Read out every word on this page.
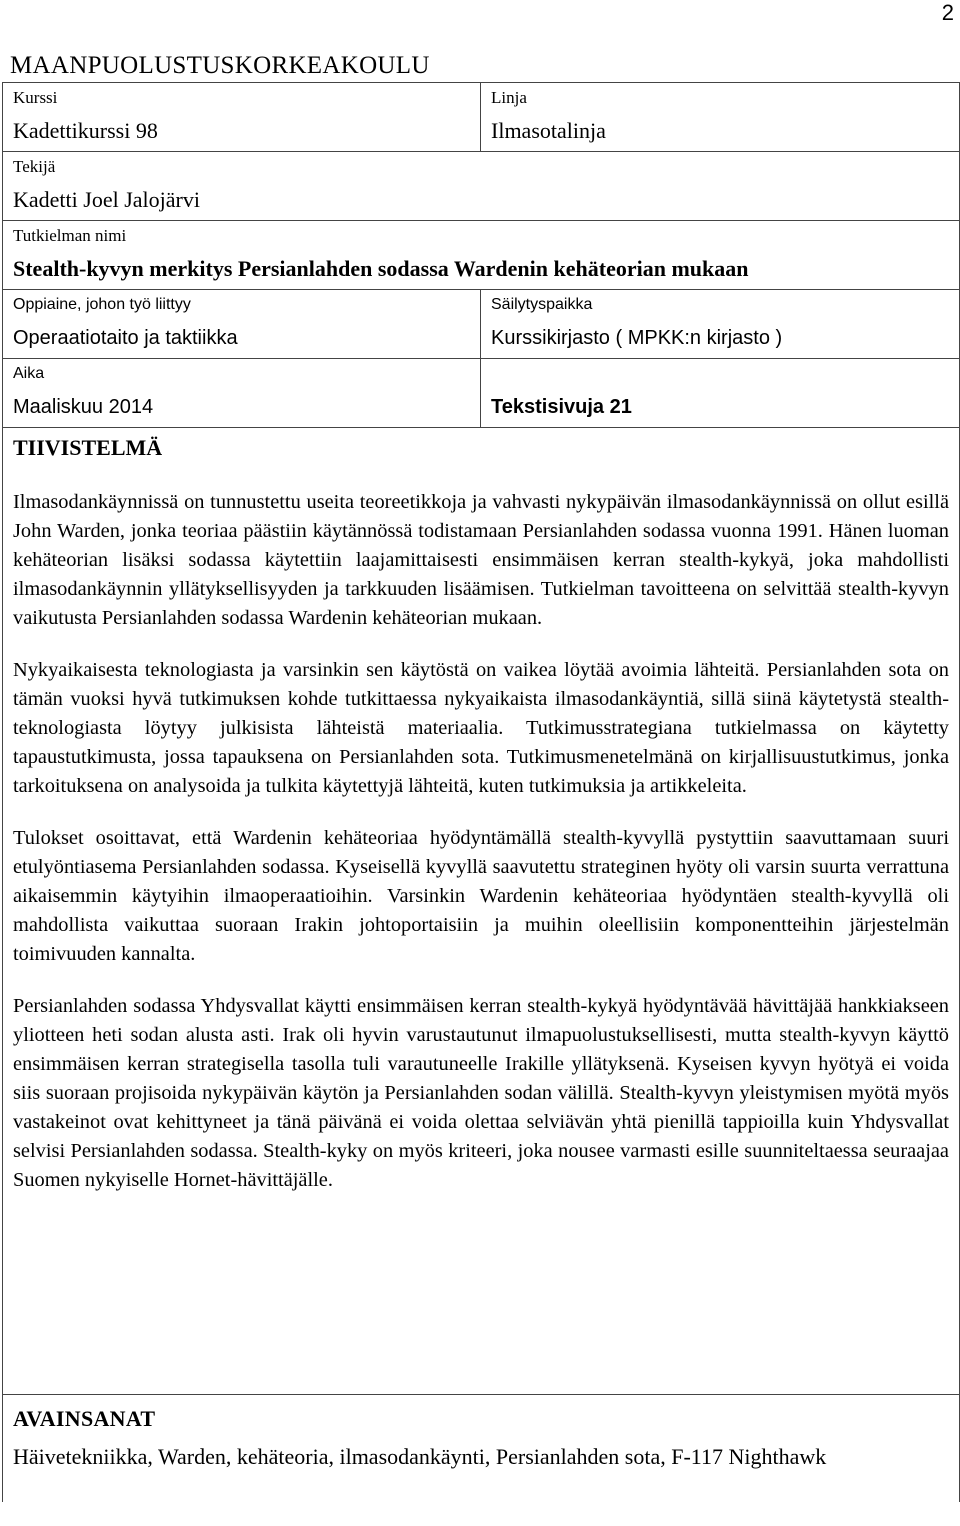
2
MAANPUOLUSTUSKORKEAKOULU
Kurssi
Kadettikurssi 98
Linja
Ilmasotalinja
Tekijä
Kadetti Joel Jalojärvi
Tutkielman nimi
Stealth-kyvyn merkitys Persianlahden sodassa Wardenin kehäteorian mukaan
Oppiaine, johon työ liittyy
Operaatiotaito ja taktiikka
Säilytyspaikka
Kurssikirjasto ( MPKK:n kirjasto )
Aika
Maaliskuu 2014	Tekstisivuja 21
TIIVISTELMÄ

Ilmasodankäynnissä on tunnustettu useita teoreetikkoja ja vahvasti nykypäivän ilmasodankäynnissä on ollut esillä John Warden, jonka teoriaa päästiin käytännössä todistamaan Persianlahden sodassa vuonna 1991. Hänen luoman kehäteorian lisäksi sodassa käytettiin laajamittaisesti ensimmäisen kerran stealth-kykyä, joka mahdollisti ilmasodankäynnin yllätyksellisyyden ja tarkkuuden lisäämisen. Tutkielman tavoitteena on selvittää stealth-kyvyn vaikutusta Persianlahden sodassa Wardenin kehäteorian mukaan.

Nykyaikaisesta teknologiasta ja varsinkin sen käytöstä on vaikea löytää avoimia lähteitä. Persianlahden sota on tämän vuoksi hyvä tutkimuksen kohde tutkittaessa nykyaikaista ilmasodankäyntiä, sillä siinä käytetystä stealth-teknologiasta löytyy julkisista lähteistä materiaalia. Tutkimusstrategiana tutkielmassa on käytetty tapaustutkimusta, jossa tapauksena on Persianlahden sota. Tutkimusmenetelmänä on kirjallisuustutkimus, jonka tarkoituksena on analysoida ja tulkita käytettyjä lähteitä, kuten tutkimuksia ja artikkeleita.

Tulokset osoittavat, että Wardenin kehäteoriaa hyödyntämällä stealth-kyvyllä pystyttiin saavuttamaan suuri etulyöntiasema Persianlahden sodassa. Kyseisellä kyvyllä saavutettu strateginen hyöty oli varsin suurta verrattuna aikaisemmin käytyihin ilmaoperaatioihin. Varsinkin Wardenin kehäteoriaa hyödyntäen stealth-kyvyllä oli mahdollista vaikuttaa suoraan Irakin johtoportaisiin ja muihin oleellisiin komponentteihin järjestelmän toimivuuden kannalta.

Persianlahden sodassa Yhdysvallat käytti ensimmäisen kerran stealth-kykyä hyödyntävää hävittäjää hankkiakseen yliotteen heti sodan alusta asti. Irak oli hyvin varustautunut ilmapuolustuksellisesti, mutta stealth-kyvyn käyttö ensimmäisen kerran strategisella tasolla tuli varautuneelle Irakille yllätyksenä. Kyseisen kyvyn hyötyä ei voida siis suoraan projisoida nykypäivän käytön ja Persianlahden sodan välillä. Stealth-kyvyn yleistymisen myötä myös vastakeinot ovat kehittyneet ja tänä päivänä ei voida olettaa selviävän yhtä pienillä tappioilla kuin Yhdysvallat selvisi Persianlahden sodassa. Stealth-kyky on myös kriteeri, joka nousee varmasti esille suunniteltaessa seuraajaa Suomen nykyiselle Hornet-hävittäjälle.

AVAINSANAT
Häivetekniikka, Warden, kehäteoria, ilmasodankäynti, Persianlahden sota, F-117 Nighthawk
